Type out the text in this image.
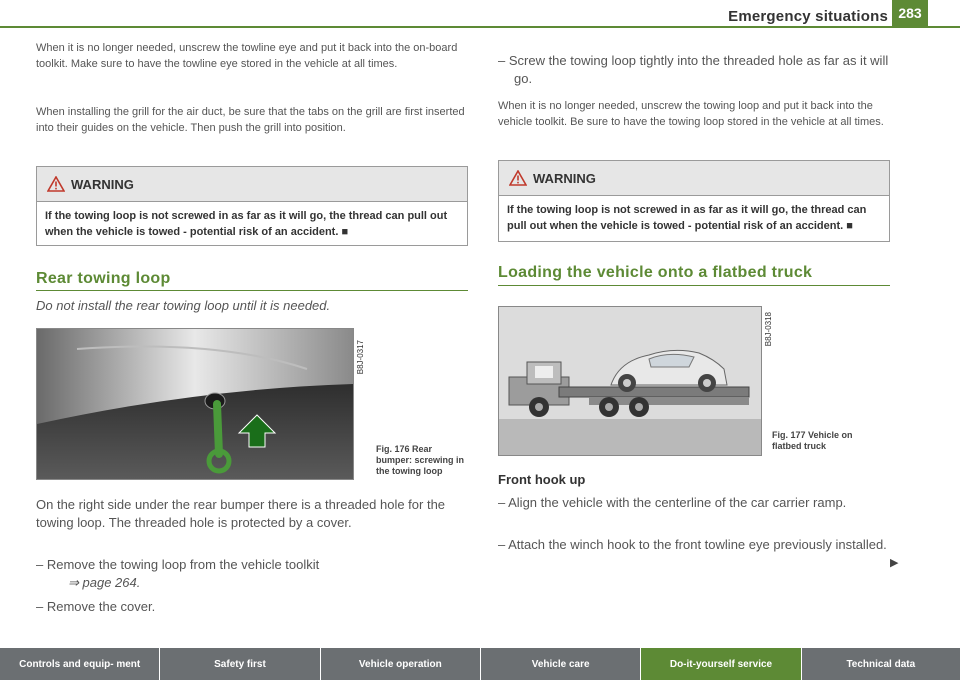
Emergency situations 283
When it is no longer needed, unscrew the towline eye and put it back into the on-board toolkit. Make sure to have the towline eye stored in the vehicle at all times.
When installing the grill for the air duct, be sure that the tabs on the grill are first inserted into their guides on the vehicle. Then push the grill into position.
WARNING
If the towing loop is not screwed in as far as it will go, the thread can pull out when the vehicle is towed - potential risk of an accident. ■
Rear towing loop
Do not install the rear towing loop until it is needed.
B8J-0317
Fig. 176 Rear bumper: screwing in the towing loop
On the right side under the rear bumper there is a threaded hole for the towing loop. The threaded hole is protected by a cover.
– Remove the towing loop from the vehicle toolkit
⇒ page 264.
– Remove the cover.
– Screw the towing loop tightly into the threaded hole as far as it will go.
When it is no longer needed, unscrew the towing loop and put it back into the vehicle toolkit. Be sure to have the towing loop stored in the vehicle at all times.
WARNING
If the towing loop is not screwed in as far as it will go, the thread can pull out when the vehicle is towed - potential risk of an accident. ■
Loading the vehicle onto a flatbed truck
B8J-0318
Fig. 177 Vehicle on flatbed truck
Front hook up
– Align the vehicle with the centerline of the car carrier ramp.
– Attach the winch hook to the front towline eye previously installed.
▶
Controls and equip- ment	Safety first	Vehicle operation	Vehicle care	Do-it-yourself service	Technical data
